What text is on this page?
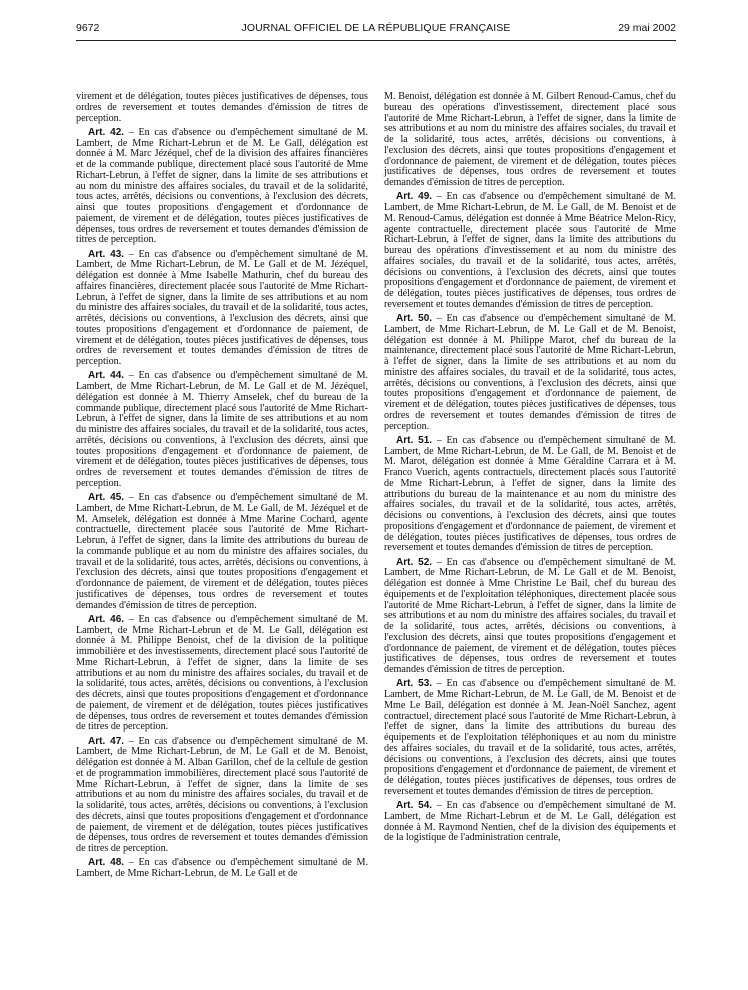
9672	JOURNAL OFFICIEL DE LA RÉPUBLIQUE FRANÇAISE	29 mai 2002

virement et de délégation, toutes pièces justificatives de dépenses, tous ordres de reversement et toutes demandes d'émission de titres de perception.

Art. 42. – En cas d'absence ou d'empêchement simultané de M. Lambert, de Mme Richart-Lebrun et de M. Le Gall, délégation est donnée à M. Marc Jézéquel, chef de la division des affaires financières et de la commande publique, directement placé sous l'autorité de Mme Richart-Lebrun, à l'effet de signer, dans la limite de ses attributions et au nom du ministre des affaires sociales, du travail et de la solidarité, tous actes, arrêtés, décisions ou conventions, à l'exclusion des décrets, ainsi que toutes propositions d'engagement et d'ordonnance de paiement, de virement et de délégation, toutes pièces justificatives de dépenses, tous ordres de reversement et toutes demandes d'émission de titres de perception.

Art. 43. – En cas d'absence ou d'empêchement simultané de M. Lambert, de Mme Richart-Lebrun, de M. Le Gall et de M. Jézéquel, délégation est donnée à Mme Isabelle Mathurin, chef du bureau des affaires financières, directement placée sous l'autorité de Mme Richart-Lebrun, à l'effet de signer, dans la limite de ses attributions et au nom du ministre des affaires sociales, du travail et de la solidarité, tous actes, arrêtés, décisions ou conventions, à l'exclusion des décrets, ainsi que toutes propositions d'engagement et d'ordonnance de paiement, de virement et de délégation, toutes pièces justificatives de dépenses, tous ordres de reversement et toutes demandes d'émission de titres de perception.

Art. 44. – En cas d'absence ou d'empêchement simultané de M. Lambert, de Mme Richart-Lebrun, de M. Le Gall et de M. Jézéquel, délégation est donnée à M. Thierry Amselek, chef du bureau de la commande publique, directement placé sous l'autorité de Mme Richart-Lebrun, à l'effet de signer, dans la limite de ses attributions et au nom du ministre des affaires sociales, du travail et de la solidarité, tous actes, arrêtés, décisions ou conventions, à l'exclusion des décrets, ainsi que toutes propositions d'engagement et d'ordonnance de paiement, de virement et de délégation, toutes pièces justificatives de dépenses, tous ordres de reversement et toutes demandes d'émission de titres de perception.

Art. 45. – En cas d'absence ou d'empêchement simultané de M. Lambert, de Mme Richart-Lebrun, de M. Le Gall, de M. Jézéquel et de M. Amselek, délégation est donnée à Mme Marine Cochard, agente contractuelle, directement placée sous l'autorité de Mme Richart-Lebrun, à l'effet de signer, dans la limite des attributions du bureau de la commande publique et au nom du ministre des affaires sociales, du travail et de la solidarité, tous actes, arrêtés, décisions ou conventions, à l'exclusion des décrets, ainsi que toutes propositions d'engagement et d'ordonnance de paiement, de virement et de délégation, toutes pièces justificatives de dépenses, tous ordres de reversement et toutes demandes d'émission de titres de perception.

Art. 46. – En cas d'absence ou d'empêchement simultané de M. Lambert, de Mme Richart-Lebrun et de M. Le Gall, délégation est donnée à M. Philippe Benoist, chef de la division de la politique immobilière et des investissements, directement placé sous l'autorité de Mme Richart-Lebrun, à l'effet de signer, dans la limite de ses attributions et au nom du ministre des affaires sociales, du travail et de la solidarité, tous actes, arrêtés, décisions ou conventions, à l'exclusion des décrets, ainsi que toutes propositions d'engagement et d'ordonnance de paiement, de virement et de délégation, toutes pièces justificatives de dépenses, tous ordres de reversement et toutes demandes d'émission de titres de perception.

Art. 47. – En cas d'absence ou d'empêchement simultané de M. Lambert, de Mme Richart-Lebrun, de M. Le Gall et de M. Benoist, délégation est donnée à M. Alban Garillon, chef de la cellule de gestion et de programmation immobilières, directement placé sous l'autorité de Mme Richart-Lebrun, à l'effet de signer, dans la limite de ses attributions et au nom du ministre des affaires sociales, du travail et de la solidarité, tous actes, arrêtés, décisions ou conventions, à l'exclusion des décrets, ainsi que toutes propositions d'engagement et d'ordonnance de paiement, de virement et de délégation, toutes pièces justificatives de dépenses, tous ordres de reversement et toutes demandes d'émission de titres de perception.

Art. 48. – En cas d'absence ou d'empêchement simultané de M. Lambert, de Mme Richart-Lebrun, de M. Le Gall et de

M. Benoist, délégation est donnée à M. Gilbert Renoud-Camus, chef du bureau des opérations d'investissement, directement placé sous l'autorité de Mme Richart-Lebrun, à l'effet de signer, dans la limite de ses attributions et au nom du ministre des affaires sociales, du travail et de la solidarité, tous actes, arrêtés, décisions ou conventions, à l'exclusion des décrets, ainsi que toutes propositions d'engagement et d'ordonnance de paiement, de virement et de délégation, toutes pièces justificatives de dépenses, tous ordres de reversement et toutes demandes d'émission de titres de perception.

Art. 49. – En cas d'absence ou d'empêchement simultané de M. Lambert, de Mme Richart-Lebrun, de M. Le Gall, de M. Benoist et de M. Renoud-Camus, délégation est donnée à Mme Béatrice Melon-Ricy, agente contractuelle, directement placée sous l'autorité de Mme Richart-Lebrun, à l'effet de signer, dans la limite des attributions du bureau des opérations d'investissement et au nom du ministre des affaires sociales, du travail et de la solidarité, tous actes, arrêtés, décisions ou conventions, à l'exclusion des décrets, ainsi que toutes propositions d'engagement et d'ordonnance de paiement, de virement et de délégation, toutes pièces justificatives de dépenses, tous ordres de reversement et toutes demandes d'émission de titres de perception.

Art. 50. – En cas d'absence ou d'empêchement simultané de M. Lambert, de Mme Richart-Lebrun, de M. Le Gall et de M. Benoist, délégation est donnée à M. Philippe Marot, chef du bureau de la maintenance, directement placé sous l'autorité de Mme Richart-Lebrun, à l'effet de signer, dans la limite de ses attributions et au nom du ministre des affaires sociales, du travail et de la solidarité, tous actes, arrêtés, décisions ou conventions, à l'exclusion des décrets, ainsi que toutes propositions d'engagement et d'ordonnance de paiement, de virement et de délégation, toutes pièces justificatives de dépenses, tous ordres de reversement et toutes demandes d'émission de titres de perception.

Art. 51. – En cas d'absence ou d'empêchement simultané de M. Lambert, de Mme Richart-Lebrun, de M. Le Gall, de M. Benoist et de M. Marot, délégation est donnée à Mme Géraldine Carrara et à M. Franco Vuerich, agents contractuels, directement placés sous l'autorité de Mme Richart-Lebrun, à l'effet de signer, dans la limite des attributions du bureau de la maintenance et au nom du ministre des affaires sociales, du travail et de la solidarité, tous actes, arrêtés, décisions ou conventions, à l'exclusion des décrets, ainsi que toutes propositions d'engagement et d'ordonnance de paiement, de virement et de délégation, toutes pièces justificatives de dépenses, tous ordres de reversement et toutes demandes d'émission de titres de perception.

Art. 52. – En cas d'absence ou d'empêchement simultané de M. Lambert, de Mme Richart-Lebrun, de M. Le Gall et de M. Benoist, délégation est donnée à Mme Christine Le Bail, chef du bureau des équipements et de l'exploitation téléphoniques, directement placée sous l'autorité de Mme Richart-Lebrun, à l'effet de signer, dans la limite de ses attributions et au nom du ministre des affaires sociales, du travail et de la solidarité, tous actes, arrêtés, décisions ou conventions, à l'exclusion des décrets, ainsi que toutes propositions d'engagement et d'ordonnance de paiement, de virement et de délégation, toutes pièces justificatives de dépenses, tous ordres de reversement et toutes demandes d'émission de titres de perception.

Art. 53. – En cas d'absence ou d'empêchement simultané de M. Lambert, de Mme Richart-Lebrun, de M. Le Gall, de M. Benoist et de Mme Le Bail, délégation est donnée à M. Jean-Noël Sanchez, agent contractuel, directement placé sous l'autorité de Mme Richart-Lebrun, à l'effet de signer, dans la limite des attributions du bureau des équipements et de l'exploitation téléphoniques et au nom du ministre des affaires sociales, du travail et de la solidarité, tous actes, arrêtés, décisions ou conventions, à l'exclusion des décrets, ainsi que toutes propositions d'engagement et d'ordonnance de paiement, de virement et de délégation, toutes pièces justificatives de dépenses, tous ordres de reversement et toutes demandes d'émission de titres de perception.

Art. 54. – En cas d'absence ou d'empêchement simultané de M. Lambert, de Mme Richart-Lebrun et de M. Le Gall, délégation est donnée à M. Raymond Nentien, chef de la division des équipements et de la logistique de l'administration centrale,
